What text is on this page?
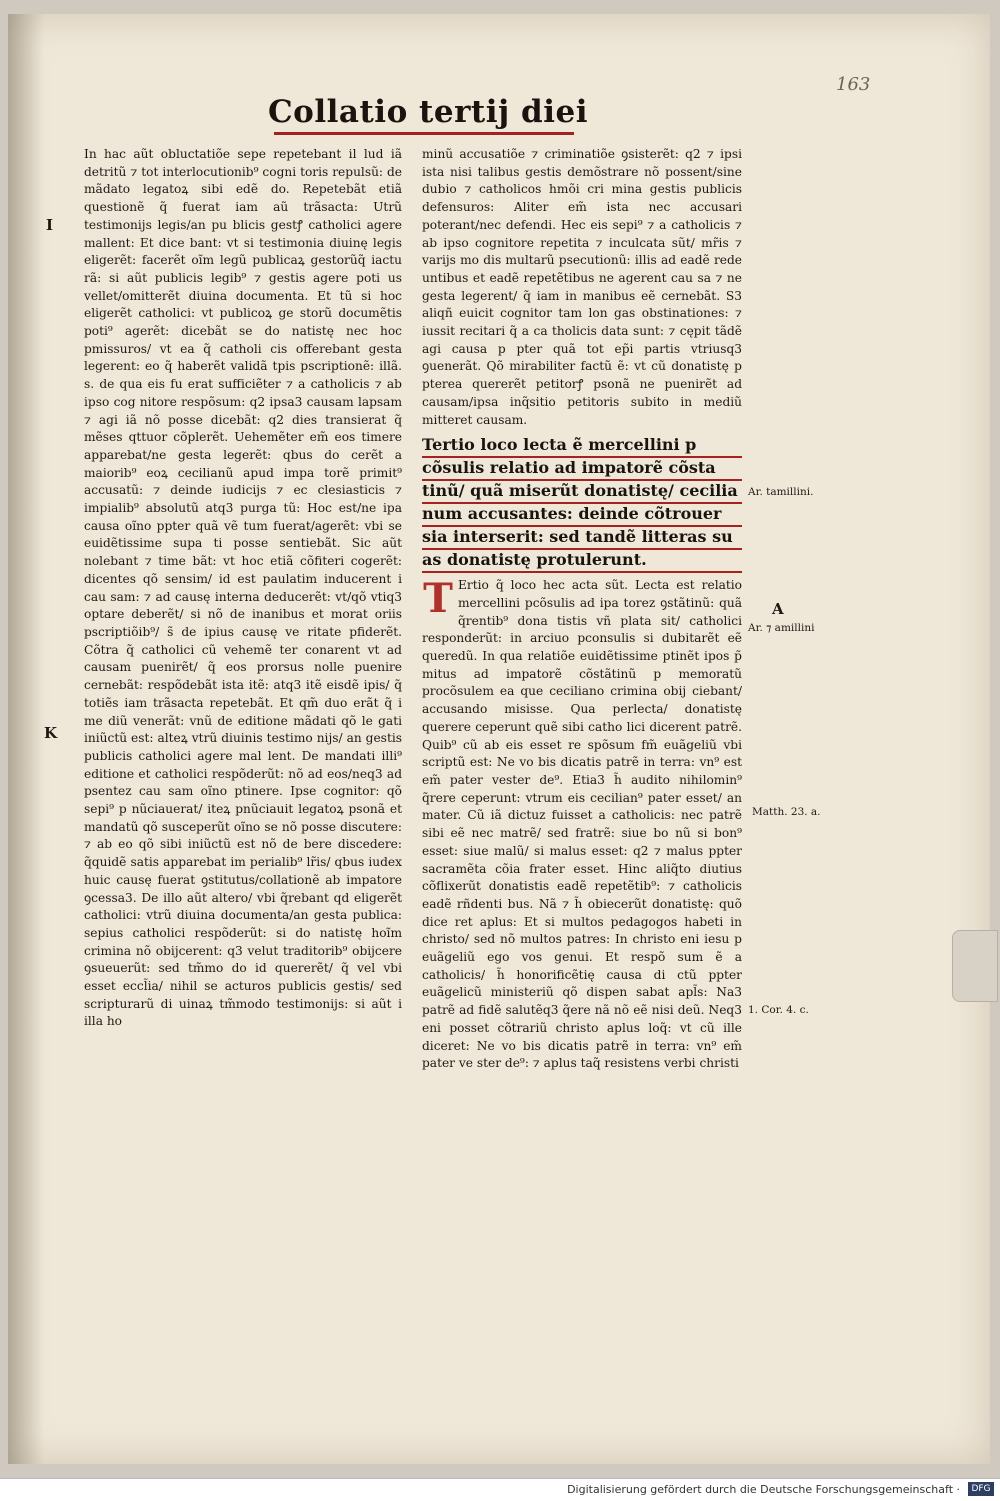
163
Collatio tertij diei

In hac aũt obluctatiõe sepe repetebant il lud iã detritũ ⁊ tot interlocutionib⁹ cogni toris repulsũ: de mãdato legatoꝝ sibi edẽ do. Repetebãt etiã questionẽ q̃ fuerat iam aũ trãsacta: Utrũ testimonijs legis/an pu blicis gestꝭ catholici agere mallent: Et dice bant: vt si testimonia diuinę legis eligerẽt: facerẽt oĩm legũ publicaꝝ gestorũq̃ iactu rã: si aũt publicis legib⁹ ⁊ gestis agere poti us vellet/omitterẽt diuina documenta. Et tũ si hoc eligerẽt catholici: vt publicoꝝ ge storũ documẽtis poti⁹ agerẽt: dicebãt se do natistę nec hoc pmissuros/ vt ea q̃ catholi cis offerebant gesta legerent: eo q̃ haberẽt validã tpis pscriptionẽ: illã. s. de qua eis fu erat sufficiẽter ⁊ a catholicis ⁊ ab ipso cog nitore respõsum: q2 ipsa3 causam lapsam ⁊ agi iã nõ posse dicebãt: q2 dies transierat q̃ mẽses qttuor cõplerẽt. Uehemẽter em̃ eos timere apparebat/ne gesta legerẽt: qbus do cerẽt a maiorib⁹ eoꝝ cecilianũ apud impa torẽ primit⁹ accusatũ: ⁊ deinde iudicijs ⁊ ec clesiasticis ⁊ impialib⁹ absolutũ atq3 purga tũ: Hoc est/ne ipa causa oĩno ppter quã vẽ tum fuerat/agerẽt: vbi se euidẽtissime supa ti posse sentiebãt. Sic aũt nolebant ⁊ time bãt: vt hoc etiã cõfiteri cogerẽt: dicentes qõ sensim/ id est paulatim inducerent i cau sam: ⁊ ad causę interna deducerẽt: vt/qõ vtiq3 optare deberẽt/ si nõ de inanibus et morat oriis pscriptiõib⁹/ s̃ de ipius causę ve ritate pfiderẽt. Cõtra q̃ catholici cũ vehemẽ ter conarent vt ad causam puenirẽt/ q̃ eos prorsus nolle puenire cernebãt: respõdebãt ista itẽ: atq3 itẽ eisdẽ ipis/ q̃ totiẽs iam trãsacta repetebãt. Et qm̃ duo erãt q̃ i me diũ venerãt: vnũ de editione mãdati qõ le gati iniũctũ est: alteꝝ vtrũ diuinis testimo nijs/ an gestis publicis catholici agere mal lent. De mandati illi⁹ editione et catholici respõderũt: nõ ad eos/neq3 ad psentez cau sam oĩno ptinere. Ipse cognitor: qõ sepi⁹ p nũciauerat/ iteꝝ pnũciauit legatoꝝ psonã et mandatũ qõ susceperũt oĩno se nõ posse discutere: ⁊ ab eo qõ sibi iniũctũ est nõ de bere discedere: q̃quidẽ satis apparebat im perialib⁹ lr̃is/ qbus iudex huic causę fuerat ꝯstitutus/collationẽ ab impatore ꝯcessa3. De illo aũt altero/ vbi q̃rebant qd eligerẽt catholici: vtrũ diuina documenta/an gesta publica: sepius catholici respõderũt: si do natistę hoĩm crimina nõ obijcerent: q3 velut traditorib⁹ obijcere ꝯsueuerũt: sed tm̃mo do id quererẽt/ q̃ vel vbi esset eccl̃ia/ nihil se acturos publicis gestis/ sed scripturarũ di uinaꝝ tm̃modo testimonijs: si aũt i illa ho

I
K

minũ accusatiõe ⁊ criminatiõe ꝯsisterẽt: q2 ⁊ ipsi ista nisi talibus gestis demõstrare nõ possent/sine dubio ⁊ catholicos hmõi cri mina gestis publicis defensuros: Aliter em̃ ista nec accusari poterant/nec defendi. Hec eis sepi⁹ ⁊ a catholicis ⁊ ab ipso cognitore repetita ⁊ inculcata sũt/ mr̃is ⁊ varijs mo dis multarũ psecutionũ: illis ad eadẽ rede untibus et eadẽ repetẽtibus ne agerent cau sa ⁊ ne gesta legerent/ q̃ iam in manibus eẽ cernebãt. S3 aliqñ euicit cognitor tam lon gas obstinationes: ⁊ iussit recitari q̃ a ca tholicis data sunt: ⁊ cępit tãdẽ agi causa p pter quã tot ep̃i partis vtriusq3 ꝯuenerãt. Qõ mirabiliter factũ ẽ: vt cũ donatistę p pterea quererẽt petitorꝭ psonã ne puenirẽt ad causam/ipsa inq̃sitio petitoris subito in mediũ mitteret causam.

Tertio loco lecta ẽ mercellini p
cõsulis relatio ad impatorẽ cõsta
tinũ/ quã miserũt donatistę/ cecilia
num accusantes: deinde cõtrouer
sia interserit: sed tandẽ litteras su
as donatistę protulerunt.
T Ertio q̃ loco hec acta sũt. Lecta est relatio mercellini pcõsulis ad ipa torez ꝯstãtinũ: quã q̃rentib⁹ dona tistis vñ plata sit/ catholici responderũt: in arciuo pconsulis si dubitarẽt eẽ queredũ. In qua relatiõe euidẽtissime ptinẽt ipos p̃ mitus ad impatorẽ cõstãtinũ p memoratũ procõsulem ea que ceciliano crimina obij ciebant/ accusando misisse. Qua perlecta/ donatistę querere ceperunt quẽ sibi catho lici dicerent patrẽ. Quib⁹ cũ ab eis esset re spõsum fm̃ euãgeliũ vbi scriptũ est: Ne vo bis dicatis patrẽ in terra: vn⁹ est em̃ pater vester de⁹. Etia3 h̃ audito nihilomin⁹ q̃rere ceperunt: vtrum eis cecilian⁹ pater esset/ an mater. Cũ iã dictuz fuisset a catholicis: nec patrẽ sibi eẽ nec matrẽ/ sed fratrẽ: siue bo nũ si bon⁹ esset: siue malũ/ si malus esset: q2 ⁊ malus ppter sacramẽta cõia frater esset. Hinc aliq̃to diutius cõflixerũt donatistis eadẽ repetẽtib⁹: ⁊ catholicis eadẽ rñdenti bus. Nã ⁊ h̃ obiecerũt donatistę: quõ dice ret aplus: Et si multos pedagogos habeti in christo/ sed nõ multos patres: In christo eni iesu p euãgeliũ ego vos genui. Et respõ sum ẽ a catholicis/ h̃ honorificẽtię causa di ctũ ppter euãgelicũ ministeriũ qõ dispen sabat apl̃s: Na3 patrẽ ad fidẽ salutẽq3 q̃ere nã nõ eẽ nisi deũ. Neq3 eni posset cõtrariũ christo aplus loq̃: vt cũ ille diceret: Ne vo bis dicatis patrẽ in terra: vn⁹ em̃ pater ve ster de⁹: ⁊ aplus taq̃ resistens verbi christi

Ar. tamillini.
A
Ar. ⁊ amillini
Matth. 23. a.
1. Cor. 4. c.
Digitalisierung gefördert durch die Deutsche Forschungsgemeinschaft ·	DFG
